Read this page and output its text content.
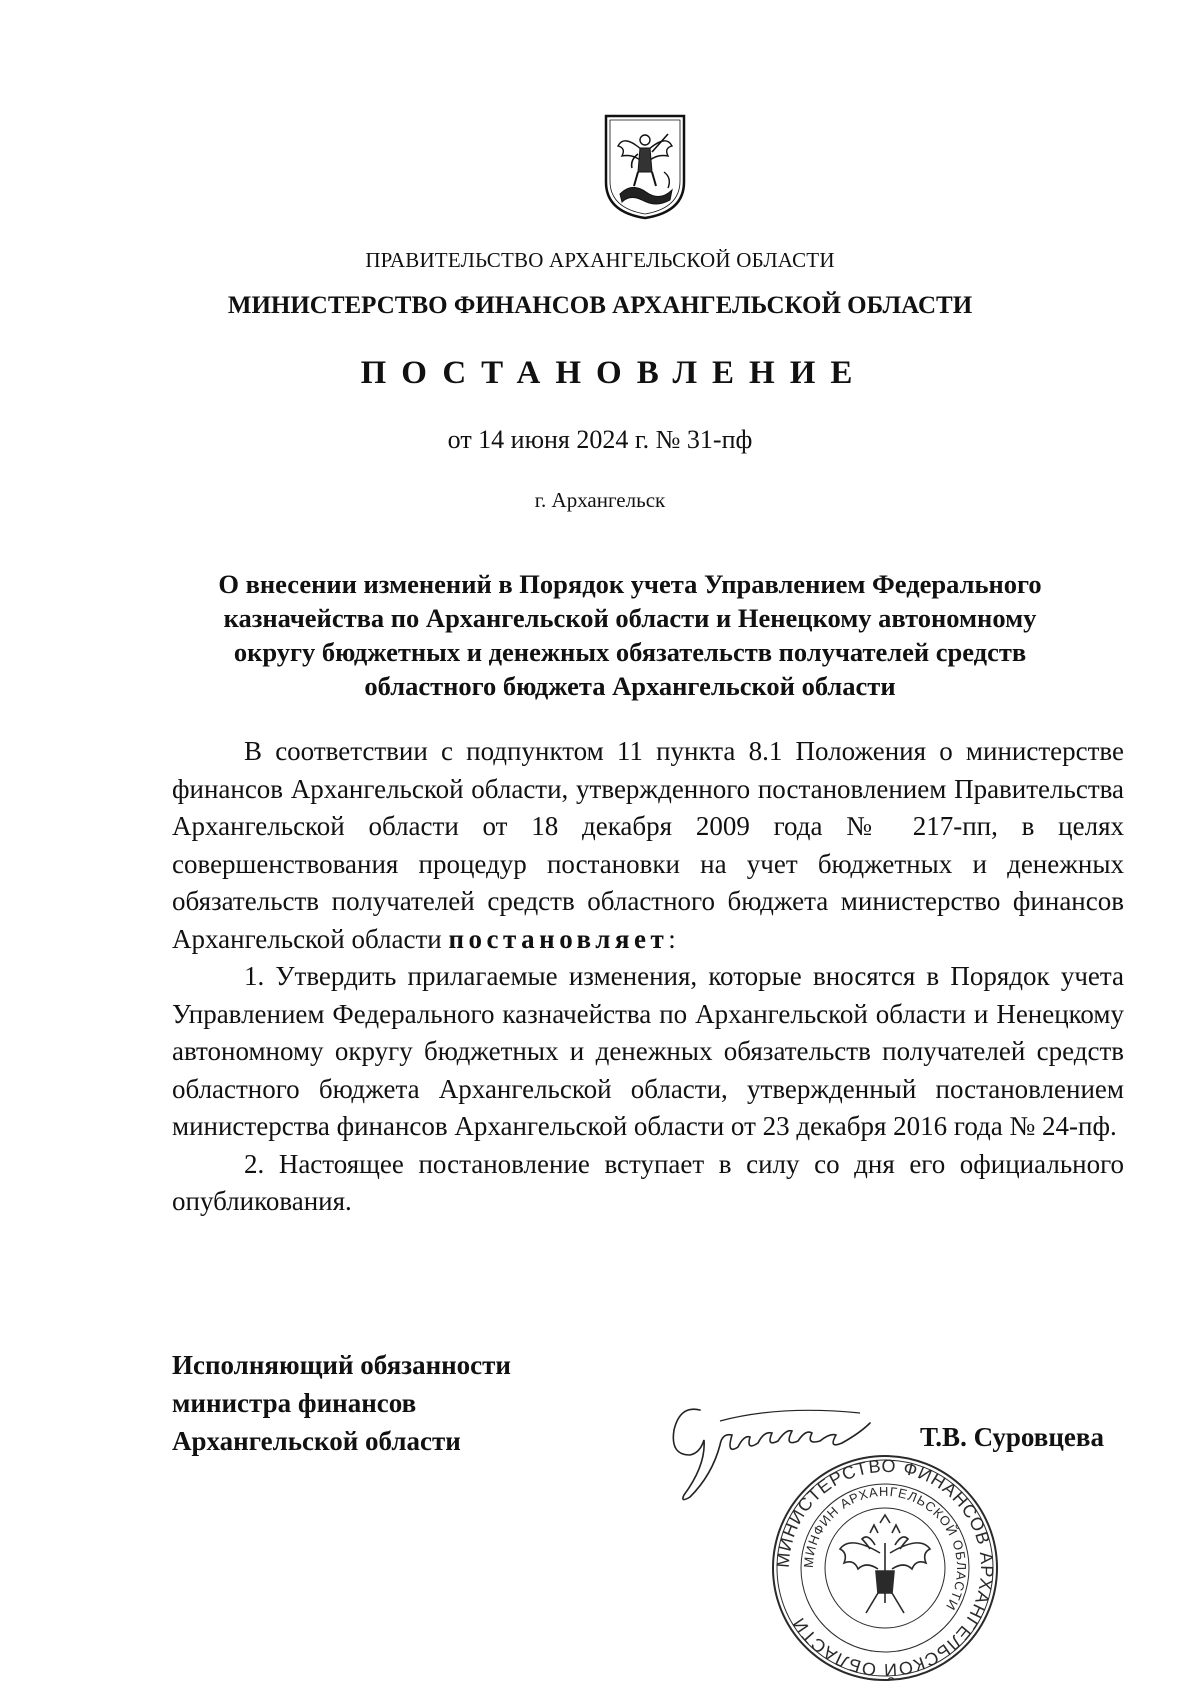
ПРАВИТЕЛЬСТВО АРХАНГЕЛЬСКОЙ ОБЛАСТИ
МИНИСТЕРСТВО ФИНАНСОВ АРХАНГЕЛЬСКОЙ ОБЛАСТИ
ПОСТАНОВЛЕНИЕ
от 14 июня 2024 г. № 31-пф
г. Архангельск
О внесении изменений в Порядок учета Управлением Федерального казначейства по Архангельской области и Ненецкому автономному округу бюджетных и денежных обязательств получателей средств областного бюджета Архангельской области

В соответствии с подпунктом 11 пункта 8.1 Положения о министерстве финансов Архангельской области, утвержденного постановлением Правительства Архангельской области от 18 декабря 2009 года № 217-пп, в целях совершенствования процедур постановки на учет бюджетных и денежных обязательств получателей средств областного бюджета министерство финансов Архангельской области постановляет:

1. Утвердить прилагаемые изменения, которые вносятся в Порядок учета Управлением Федерального казначейства по Архангельской области и Ненецкому автономному округу бюджетных и денежных обязательств получателей средств областного бюджета Архангельской области, утвержденный постановлением министерства финансов Архангельской области от 23 декабря 2016 года № 24-пф.

2. Настоящее постановление вступает в силу со дня его официального опубликования.

Исполняющий обязанности
министра финансов
Архангельской области
МИНИСТЕРСТВО ФИНАНСОВ АРХАНГЕЛЬСКОЙ ОБЛАСТИ
МИНФИН АРХАНГЕЛЬСКОЙ ОБЛАСТИ
Т.В. Суровцева
